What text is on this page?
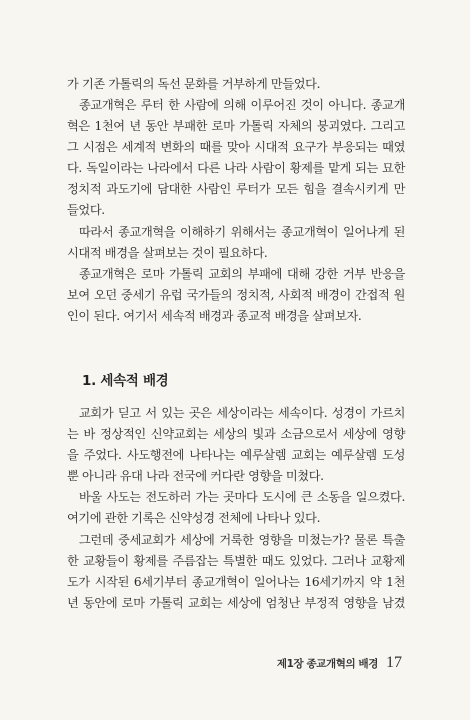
가 기존 가톨릭의 독선 문화를 거부하게 만들었다.
종교개혁은 루터 한 사람에 의해 이루어진 것이 아니다. 종교개
혁은 1천여 년 동안 부패한 로마 가톨릭 자체의 붕괴였다. 그리고
그 시점은 세계적 변화의 때를 맞아 시대적 요구가 부응되는 때였
다. 독일이라는 나라에서 다른 나라 사람이 황제를 맡게 되는 묘한
정치적 과도기에 담대한 사람인 루터가 모든 힘을 결속시키게 만
들었다.
따라서 종교개혁을 이해하기 위해서는 종교개혁이 일어나게 된
시대적 배경을 살펴보는 것이 필요하다.
종교개혁은 로마 가톨릭 교회의 부패에 대해 강한 거부 반응을
보여 오던 중세기 유럽 국가들의 정치적, 사회적 배경이 간접적 원
인이 된다. 여기서 세속적 배경과 종교적 배경을 살펴보자.
1. 세속적 배경
교회가 딛고 서 있는 곳은 세상이라는 세속이다. 성경이 가르치
는 바 정상적인 신약교회는 세상의 빛과 소금으로서 세상에 영향
을 주었다. 사도행전에 나타나는 예루살렘 교회는 예루살렘 도성
뿐 아니라 유대 나라 전국에 커다란 영향을 미쳤다.
바울 사도는 전도하러 가는 곳마다 도시에 큰 소동을 일으켰다.
여기에 관한 기록은 신약성경 전체에 나타나 있다.
그런데 중세교회가 세상에 거룩한 영향을 미쳤는가? 물론 특출
한 교황들이 황제를 주름잡는 특별한 때도 있었다. 그러나 교황제
도가 시작된 6세기부터 종교개혁이 일어나는 16세기까지 약 1천
년 동안에 로마 가톨릭 교회는 세상에 엄청난 부정적 영향을 남겼
제1장 종교개혁의 배경 17
